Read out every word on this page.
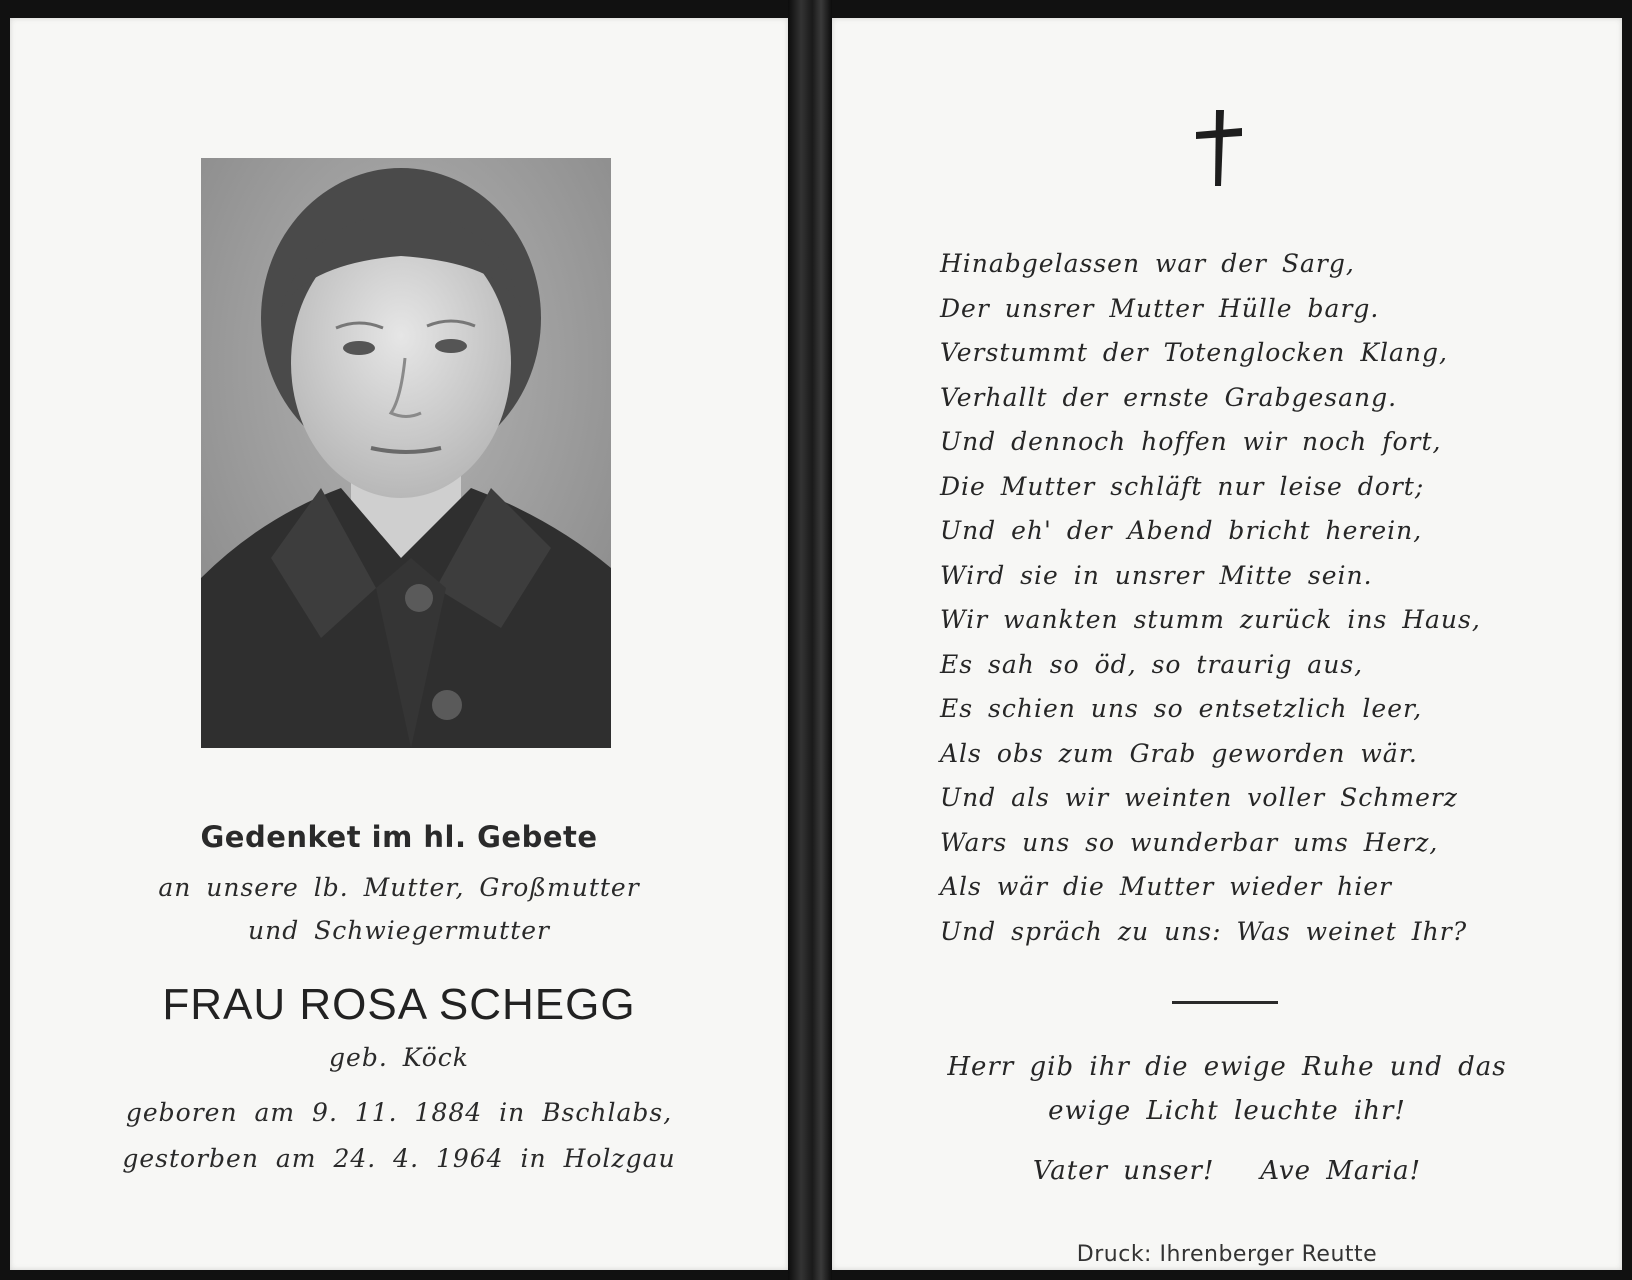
Gedenket im hl. Gebete
an unsere lb. Mutter, Großmutter
und Schwiegermutter
FRAU ROSA SCHEGG
geb. Köck
geboren am 9. 11. 1884 in Bschlabs,
gestorben am 24. 4. 1964 in Holzgau
Hinabgelassen war der Sarg,
Der unsrer Mutter Hülle barg.
Verstummt der Totenglocken Klang,
Verhallt der ernste Grabgesang.
Und dennoch hoffen wir noch fort,
Die Mutter schläft nur leise dort;
Und eh' der Abend bricht herein,
Wird sie in unsrer Mitte sein.
Wir wankten stumm zurück ins Haus,
Es sah so öd, so traurig aus,
Es schien uns so entsetzlich leer,
Als obs zum Grab geworden wär.
Und als wir weinten voller Schmerz
Wars uns so wunderbar ums Herz,
Als wär die Mutter wieder hier
Und spräch zu uns: Was weinet Ihr?
Herr gib ihr die ewige Ruhe und das
ewige Licht leuchte ihr!
Vater unser!   Ave Maria!
Druck: Ihrenberger Reutte
